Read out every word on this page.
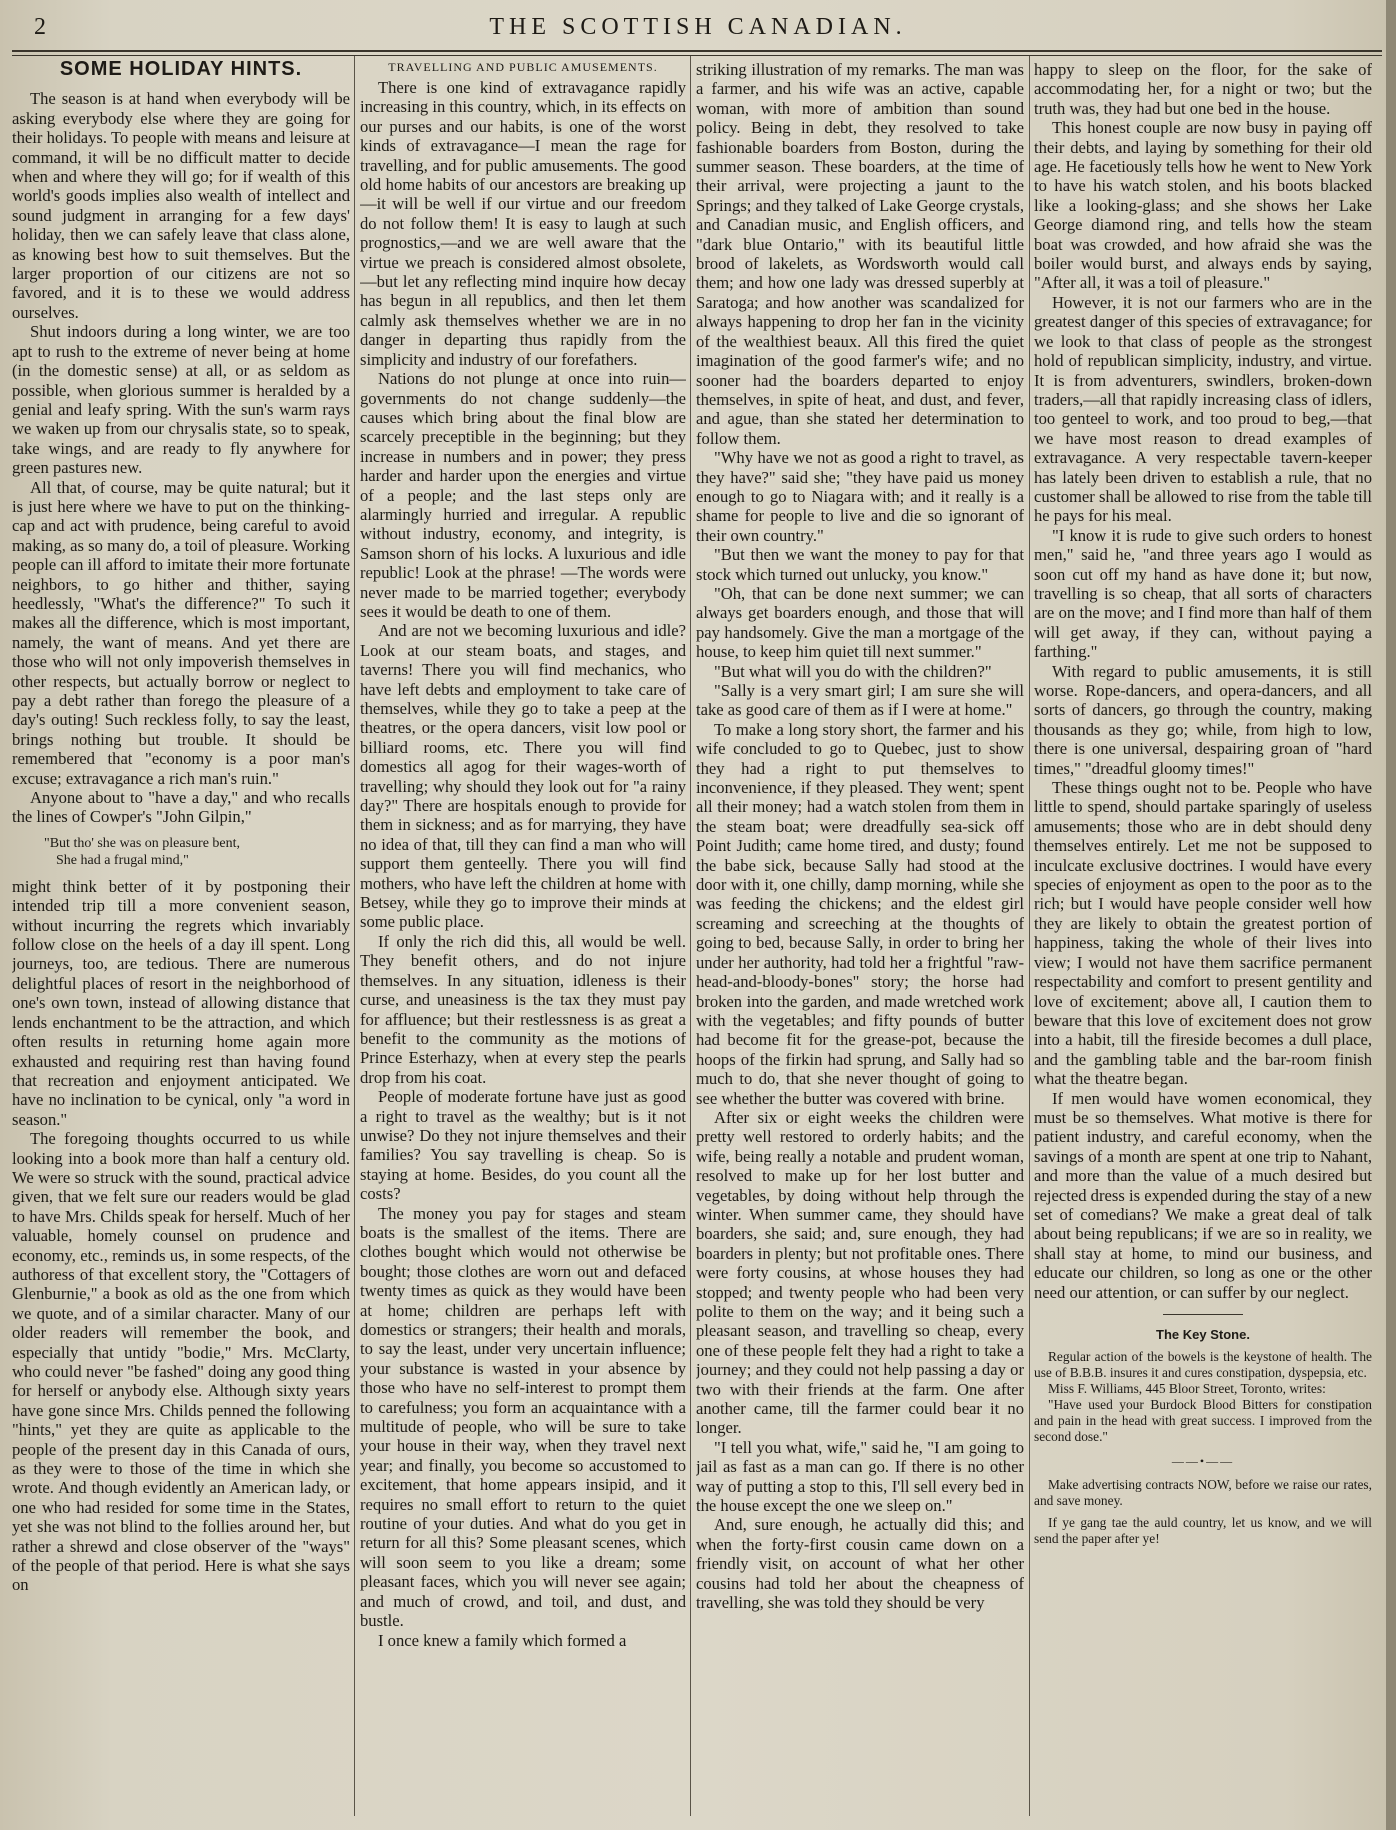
2	THE SCOTTISH CANADIAN.
SOME HOLIDAY HINTS.

The season is at hand when everybody will be asking everybody else where they are going for their holidays. To people with means and leisure at command, it will be no difficult matter to decide when and where they will go; for if wealth of this world's goods implies also wealth of intellect and sound judgment in arranging for a few days' holiday, then we can safely leave that class alone, as knowing best how to suit themselves. But the larger proportion of our citizens are not so favored, and it is to these we would address ourselves.

Shut indoors during a long winter, we are too apt to rush to the extreme of never being at home (in the domestic sense) at all, or as seldom as possible, when glorious summer is heralded by a genial and leafy spring. With the sun's warm rays we waken up from our chrysalis state, so to speak, take wings, and are ready to fly anywhere for green pastures new.

All that, of course, may be quite natural; but it is just here where we have to put on the thinking-cap and act with prudence, being careful to avoid making, as so many do, a toil of pleasure. Working people can ill afford to imitate their more fortunate neighbors, to go hither and thither, saying heedlessly, "What's the difference?" To such it makes all the difference, which is most important, namely, the want of means. And yet there are those who will not only impoverish themselves in other respects, but actually borrow or neglect to pay a debt rather than forego the pleasure of a day's outing! Such reckless folly, to say the least, brings nothing but trouble. It should be remembered that "economy is a poor man's excuse; extravagance a rich man's ruin."

Anyone about to "have a day," and who recalls the lines of Cowper's "John Gilpin,"

"But tho' she was on pleasure bent,
She had a frugal mind,"

might think better of it by postponing their intended trip till a more convenient season, without incurring the regrets which invariably follow close on the heels of a day ill spent. Long journeys, too, are tedious. There are numerous delightful places of resort in the neighborhood of one's own town, instead of allowing distance that lends enchantment to be the attraction, and which often results in returning home again more exhausted and requiring rest than having found that recreation and enjoyment anticipated. We have no inclination to be cynical, only "a word in season."

The foregoing thoughts occurred to us while looking into a book more than half a century old. We were so struck with the sound, practical advice given, that we felt sure our readers would be glad to have Mrs. Childs speak for herself. Much of her valuable, homely counsel on prudence and economy, etc., reminds us, in some respects, of the authoress of that excellent story, the "Cottagers of Glenburnie," a book as old as the one from which we quote, and of a similar character. Many of our older readers will remember the book, and especially that untidy "bodie," Mrs. McClarty, who could never "be fashed" doing any good thing for herself or anybody else. Although sixty years have gone since Mrs. Childs penned the following "hints," yet they are quite as applicable to the people of the present day in this Canada of ours, as they were to those of the time in which she wrote. And though evidently an American lady, or one who had resided for some time in the States, yet she was not blind to the follies around her, but rather a shrewd and close observer of the "ways" of the people of that period. Here is what she says on

TRAVELLING AND PUBLIC AMUSEMENTS.

There is one kind of extravagance rapidly increasing in this country, which, in its effects on our purses and our habits, is one of the worst kinds of extravagance—I mean the rage for travelling, and for public amusements. The good old home habits of our ancestors are breaking up—it will be well if our virtue and our freedom do not follow them! It is easy to laugh at such prognostics,—and we are well aware that the virtue we preach is considered almost obsolete,—but let any reflecting mind inquire how decay has begun in all republics, and then let them calmly ask themselves whether we are in no danger in departing thus rapidly from the simplicity and industry of our forefathers.

Nations do not plunge at once into ruin—governments do not change suddenly—the causes which bring about the final blow are scarcely preceptible in the beginning; but they increase in numbers and in power; they press harder and harder upon the energies and virtue of a people; and the last steps only are alarmingly hurried and irregular. A republic without industry, economy, and integrity, is Samson shorn of his locks. A luxurious and idle republic! Look at the phrase! —The words were never made to be married together; everybody sees it would be death to one of them.

And are not we becoming luxurious and idle? Look at our steam boats, and stages, and taverns! There you will find mechanics, who have left debts and employment to take care of themselves, while they go to take a peep at the theatres, or the opera dancers, visit low pool or billiard rooms, etc. There you will find domestics all agog for their wages-worth of travelling; why should they look out for "a rainy day?" There are hospitals enough to provide for them in sickness; and as for marrying, they have no idea of that, till they can find a man who will support them genteelly. There you will find mothers, who have left the children at home with Betsey, while they go to improve their minds at some public place.

If only the rich did this, all would be well. They benefit others, and do not injure themselves. In any situation, idleness is their curse, and uneasiness is the tax they must pay for affluence; but their restlessness is as great a benefit to the community as the motions of Prince Esterhazy, when at every step the pearls drop from his coat.

People of moderate fortune have just as good a right to travel as the wealthy; but is it not unwise? Do they not injure themselves and their families? You say travelling is cheap. So is staying at home. Besides, do you count all the costs?

The money you pay for stages and steam boats is the smallest of the items. There are clothes bought which would not otherwise be bought; those clothes are worn out and defaced twenty times as quick as they would have been at home; children are perhaps left with domestics or strangers; their health and morals, to say the least, under very uncertain influence; your substance is wasted in your absence by those who have no self-interest to prompt them to carefulness; you form an acquaintance with a multitude of people, who will be sure to take your house in their way, when they travel next year; and finally, you become so accustomed to excitement, that home appears insipid, and it requires no small effort to return to the quiet routine of your duties. And what do you get in return for all this? Some pleasant scenes, which will soon seem to you like a dream; some pleasant faces, which you will never see again; and much of crowd, and toil, and dust, and bustle.

I once knew a family which formed a

striking illustration of my remarks. The man was a farmer, and his wife was an active, capable woman, with more of ambition than sound policy. Being in debt, they resolved to take fashionable boarders from Boston, during the summer season. These boarders, at the time of their arrival, were projecting a jaunt to the Springs; and they talked of Lake George crystals, and Canadian music, and English officers, and "dark blue Ontario," with its beautiful little brood of lakelets, as Wordsworth would call them; and how one lady was dressed superbly at Saratoga; and how another was scandalized for always happening to drop her fan in the vicinity of the wealthiest beaux. All this fired the quiet imagination of the good farmer's wife; and no sooner had the boarders departed to enjoy themselves, in spite of heat, and dust, and fever, and ague, than she stated her determination to follow them.

"Why have we not as good a right to travel, as they have?" said she; "they have paid us money enough to go to Niagara with; and it really is a shame for people to live and die so ignorant of their own country."

"But then we want the money to pay for that stock which turned out unlucky, you know."

"Oh, that can be done next summer; we can always get boarders enough, and those that will pay handsomely. Give the man a mortgage of the house, to keep him quiet till next summer."

"But what will you do with the children?"

"Sally is a very smart girl; I am sure she will take as good care of them as if I were at home."

To make a long story short, the farmer and his wife concluded to go to Quebec, just to show they had a right to put themselves to inconvenience, if they pleased. They went; spent all their money; had a watch stolen from them in the steam boat; were dreadfully sea-sick off Point Judith; came home tired, and dusty; found the babe sick, because Sally had stood at the door with it, one chilly, damp morning, while she was feeding the chickens; and the eldest girl screaming and screeching at the thoughts of going to bed, because Sally, in order to bring her under her authority, had told her a frightful "raw-head-and-bloody-bones" story; the horse had broken into the garden, and made wretched work with the vegetables; and fifty pounds of butter had become fit for the grease-pot, because the hoops of the firkin had sprung, and Sally had so much to do, that she never thought of going to see whether the butter was covered with brine.

After six or eight weeks the children were pretty well restored to orderly habits; and the wife, being really a notable and prudent woman, resolved to make up for her lost butter and vegetables, by doing without help through the winter. When summer came, they should have boarders, she said; and, sure enough, they had boarders in plenty; but not profitable ones. There were forty cousins, at whose houses they had stopped; and twenty people who had been very polite to them on the way; and it being such a pleasant season, and travelling so cheap, every one of these people felt they had a right to take a journey; and they could not help passing a day or two with their friends at the farm. One after another came, till the farmer could bear it no longer.

"I tell you what, wife," said he, "I am going to jail as fast as a man can go. If there is no other way of putting a stop to this, I'll sell every bed in the house except the one we sleep on."

And, sure enough, he actually did this; and when the forty-first cousin came down on a friendly visit, on account of what her other cousins had told her about the cheapness of travelling, she was told they should be very

happy to sleep on the floor, for the sake of accommodating her, for a night or two; but the truth was, they had but one bed in the house.

This honest couple are now busy in paying off their debts, and laying by something for their old age. He facetiously tells how he went to New York to have his watch stolen, and his boots blacked like a looking-glass; and she shows her Lake George diamond ring, and tells how the steam boat was crowded, and how afraid she was the boiler would burst, and always ends by saying, "After all, it was a toil of pleasure."

However, it is not our farmers who are in the greatest danger of this species of extravagance; for we look to that class of people as the strongest hold of republican simplicity, industry, and virtue. It is from adventurers, swindlers, broken-down traders,—all that rapidly increasing class of idlers, too genteel to work, and too proud to beg,—that we have most reason to dread examples of extravagance. A very respectable tavern-keeper has lately been driven to establish a rule, that no customer shall be allowed to rise from the table till he pays for his meal.

"I know it is rude to give such orders to honest men," said he, "and three years ago I would as soon cut off my hand as have done it; but now, travelling is so cheap, that all sorts of characters are on the move; and I find more than half of them will get away, if they can, without paying a farthing."

With regard to public amusements, it is still worse. Rope-dancers, and opera-dancers, and all sorts of dancers, go through the country, making thousands as they go; while, from high to low, there is one universal, despairing groan of "hard times," "dreadful gloomy times!"

These things ought not to be. People who have little to spend, should partake sparingly of useless amusements; those who are in debt should deny themselves entirely. Let me not be supposed to inculcate exclusive doctrines. I would have every species of enjoyment as open to the poor as to the rich; but I would have people consider well how they are likely to obtain the greatest portion of happiness, taking the whole of their lives into view; I would not have them sacrifice permanent respectability and comfort to present gentility and love of excitement; above all, I caution them to beware that this love of excitement does not grow into a habit, till the fireside becomes a dull place, and the gambling table and the bar-room finish what the theatre began.

If men would have women economical, they must be so themselves. What motive is there for patient industry, and careful economy, when the savings of a month are spent at one trip to Nahant, and more than the value of a much desired but rejected dress is expended during the stay of a new set of comedians? We make a great deal of talk about being republicans; if we are so in reality, we shall stay at home, to mind our business, and educate our children, so long as one or the other need our attention, or can suffer by our neglect.

The Key Stone.

Regular action of the bowels is the keystone of health. The use of B.B.B. insures it and cures constipation, dyspepsia, etc.

Miss F. Williams, 445 Bloor Street, Toronto, writes:

"Have used your Burdock Blood Bitters for constipation and pain in the head with great success. I improved from the second dose."

——•——

Make advertising contracts NOW, before we raise our rates, and save money.

If ye gang tae the auld country, let us know, and we will send the paper after ye!
